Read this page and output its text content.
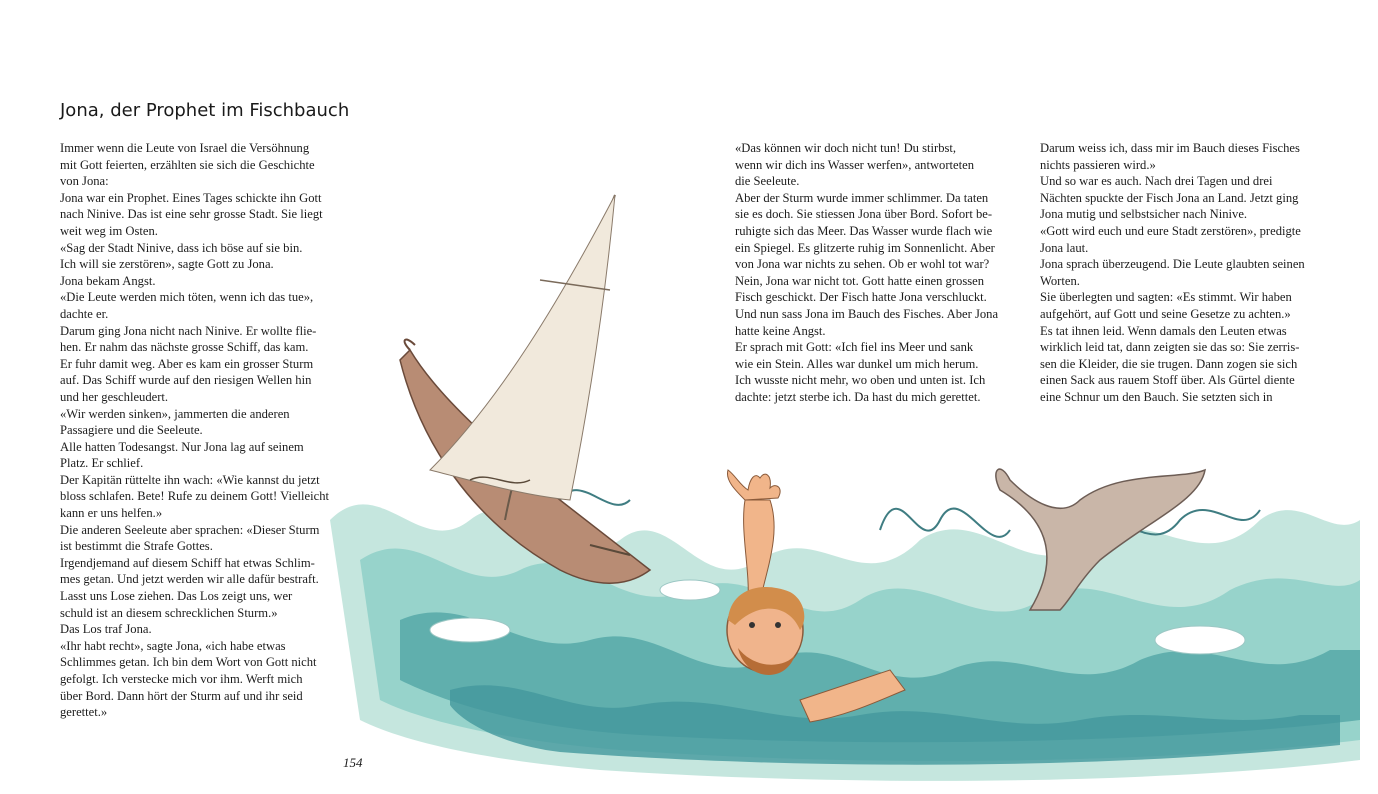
Jona, der Prophet im Fischbauch

Immer wenn die Leute von Israel die Versöhnung

mit Gott feierten, erzählten sie sich die Geschichte

von Jona:

Jona war ein Prophet. Eines Tages schickte ihn Gott

nach Ninive. Das ist eine sehr grosse Stadt. Sie liegt

weit weg im Osten.

«Sag der Stadt Ninive, dass ich böse auf sie bin.

Ich will sie zerstören», sagte Gott zu Jona.

Jona bekam Angst.

«Die Leute werden mich töten, wenn ich das tue»,

dachte er.

Darum ging Jona nicht nach Ninive. Er wollte flie-

hen. Er nahm das nächste grosse Schiff, das kam.

Er fuhr damit weg. Aber es kam ein grosser Sturm

auf. Das Schiff wurde auf den riesigen Wellen hin

und her geschleudert.

«Wir werden sinken», jammerten die anderen

Passagiere und die Seeleute.

Alle hatten Todesangst. Nur Jona lag auf seinem

Platz. Er schlief.

Der Kapitän rüttelte ihn wach: «Wie kannst du jetzt

bloss schlafen. Bete! Rufe zu deinem Gott! Vielleicht

kann er uns helfen.»

Die anderen Seeleute aber sprachen: «Dieser Sturm

ist bestimmt die Strafe Gottes.

Irgendjemand auf diesem Schiff hat etwas Schlim-

mes getan. Und jetzt werden wir alle dafür bestraft.

Lasst uns Lose ziehen. Das Los zeigt uns, wer

schuld ist an diesem schrecklichen Sturm.»

Das Los traf Jona.

«Ihr habt recht», sagte Jona, «ich habe etwas

Schlimmes getan. Ich bin dem Wort von Gott nicht

gefolgt. Ich verstecke mich vor ihm. Werft mich

über Bord. Dann hört der Sturm auf und ihr seid

gerettet.»

«Das können wir doch nicht tun! Du stirbst,

wenn wir dich ins Wasser werfen», antworteten

die Seeleute.

Aber der Sturm wurde immer schlimmer. Da taten

sie es doch. Sie stiessen Jona über Bord. Sofort be-

ruhigte sich das Meer. Das Wasser wurde flach wie

ein Spiegel. Es glitzerte ruhig im Sonnenlicht. Aber

von Jona war nichts zu sehen. Ob er wohl tot war?

Nein, Jona war nicht tot. Gott hatte einen grossen

Fisch geschickt. Der Fisch hatte Jona verschluckt.

Und nun sass Jona im Bauch des Fisches. Aber Jona

hatte keine Angst.

Er sprach mit Gott: «Ich fiel ins Meer und sank

wie ein Stein. Alles war dunkel um mich herum.

Ich wusste nicht mehr, wo oben und unten ist. Ich

dachte: jetzt sterbe ich. Da hast du mich gerettet.

Darum weiss ich, dass mir im Bauch dieses Fisches

nichts passieren wird.»

Und so war es auch. Nach drei Tagen und drei

Nächten spuckte der Fisch Jona an Land. Jetzt ging

Jona mutig und selbstsicher nach Ninive.

«Gott wird euch und eure Stadt zerstören», predigte

Jona laut.

Jona sprach überzeugend. Die Leute glaubten seinen

Worten.

Sie überlegten und sagten: «Es stimmt. Wir haben

aufgehört, auf Gott und seine Gesetze zu achten.»

Es tat ihnen leid. Wenn damals den Leuten etwas

wirklich leid tat, dann zeigten sie das so: Sie zerris-

sen die Kleider, die sie trugen. Dann zogen sie sich

einen Sack aus rauem Stoff über. Als Gürtel diente

eine Schnur um den Bauch. Sie setzten sich in

154
